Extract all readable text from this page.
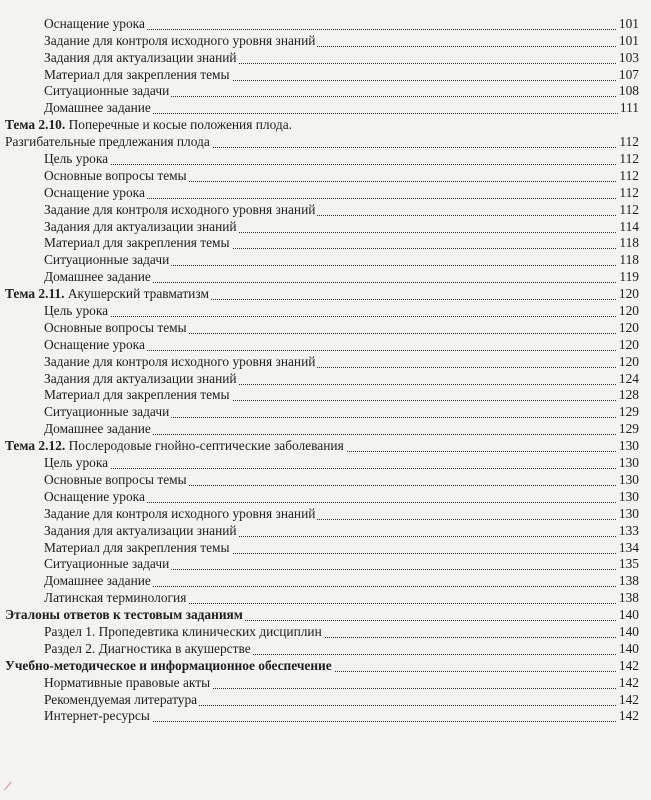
Оснащение урока	101
Задание для контроля исходного уровня знаний	101
Задания для актуализации знаний	103
Материал для закрепления темы	107
Ситуационные задачи	108
Домашнее задание	111
Тема 2.10. Поперечные и косые положения плода.
Разгибательные предлежания плода	112
Цель урока	112
Основные вопросы темы	112
Оснащение урока	112
Задание для контроля исходного уровня знаний	112
Задания для актуализации знаний	114
Материал для закрепления темы	118
Ситуационные задачи	118
Домашнее задание	119
Тема 2.11. Акушерский травматизм	120
Цель урока	120
Основные вопросы темы	120
Оснащение урока	120
Задание для контроля исходного уровня знаний	120
Задания для актуализации знаний	124
Материал для закрепления темы	128
Ситуационные задачи	129
Домашнее задание	129
Тема 2.12. Послеродовые гнойно-септические заболевания	130
Цель урока	130
Основные вопросы темы	130
Оснащение урока	130
Задание для контроля исходного уровня знаний	130
Задания для актуализации знаний	133
Материал для закрепления темы	134
Ситуационные задачи	135
Домашнее задание	138
Латинская терминология	138
Эталоны ответов к тестовым заданиям	140
Раздел 1. Пропедевтика клинических дисциплин	140
Раздел 2. Диагностика в акушерстве	140
Учебно-методическое и информационное обеспечение	142
Нормативные правовые акты	142
Рекомендуемая литература	142
Интернет-ресурсы	142
⟋
